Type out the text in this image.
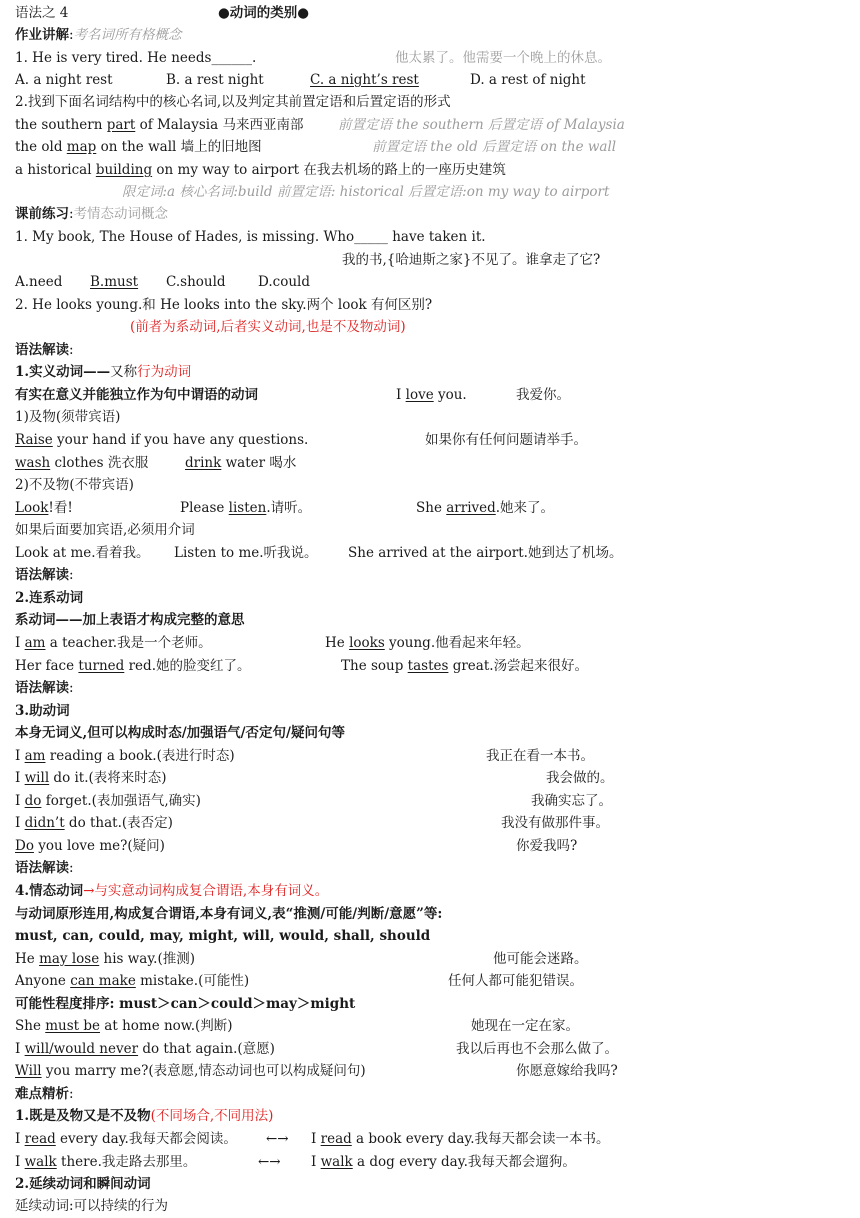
语法之 4	●动词的类别●
作业讲解:考名词所有格概念
1. He is very tired. He needs______.	他太累了。他需要一个晚上的休息。
A. a night rest	B. a rest night	C. a night’s rest	D. a rest of night
2.找到下面名词结构中的核心名词,以及判定其前置定语和后置定语的形式
the southern part of Malaysia 马来西亚南部	前置定语 the southern 后置定语 of Malaysia
the old map on the wall 墙上的旧地图	前置定语 the old 后置定语 on the wall
a historical building on my way to airport 在我去机场的路上的一座历史建筑
限定词:a 核心名词:build 前置定语: historical 后置定语:on my way to airport
课前练习:考情态动词概念
1. My book, The House of Hades, is missing. Who_____ have taken it.
我的书,{哈迪斯之家}不见了。谁拿走了它?
A.need B.must C.should D.could
2. He looks young.和 He looks into the sky.两个 look 有何区别?
(前者为系动词,后者实义动词,也是不及物动词)
语法解读:
1.实义动词——又称行为动词
有实在意义并能独立作为句中谓语的动词	I love you.	我爱你。
1)及物(须带宾语)
Raise your hand if you have any questions.	如果你有任何问题请举手。
wash clothes 洗衣服	drink water 喝水
2)不及物(不带宾语)
Look!看!	Please listen.请听。	She arrived.她来了。
如果后面要加宾语,必须用介词
Look at me.看着我。 Listen to me.听我说。 She arrived at the airport.她到达了机场。
语法解读:
2.连系动词
系动词——加上表语才构成完整的意思
I am a teacher.我是一个老师。	He looks young.他看起来年轻。
Her face turned red.她的脸变红了。	The soup tastes great.汤尝起来很好。
语法解读:
3.助动词
本身无词义,但可以构成时态/加强语气/否定句/疑问句等
I am reading a book.(表进行时态)	我正在看一本书。
I will do it.(表将来时态)	我会做的。
I do forget.(表加强语气,确实)	我确实忘了。
I didn’t do that.(表否定)	我没有做那件事。
Do you love me?(疑问)	你爱我吗?
语法解读:
4.情态动词→与实意动词构成复合谓语,本身有词义。
与动词原形连用,构成复合谓语,本身有词义,表“推测/可能/判断/意愿”等:
must, can, could, may, might, will, would, shall, should
He may lose his way.(推测)	他可能会迷路。
Anyone can make mistake.(可能性)	任何人都可能犯错误。
可能性程度排序: must＞can＞could＞may＞might
She must be at home now.(判断)	她现在一定在家。
I will/would never do that again.(意愿)	我以后再也不会那么做了。
Will you marry me?(表意愿,情态动词也可以构成疑问句)	你愿意嫁给我吗?
难点精析:
1.既是及物又是不及物(不同场合,不同用法)
I read every day.我每天都会阅读。 ←→ I read a book every day.我每天都会读一本书。
I walk there.我走路去那里。	←→ I walk a dog every day.我每天都会遛狗。
2.延续动词和瞬间动词
延续动词:可以持续的行为
